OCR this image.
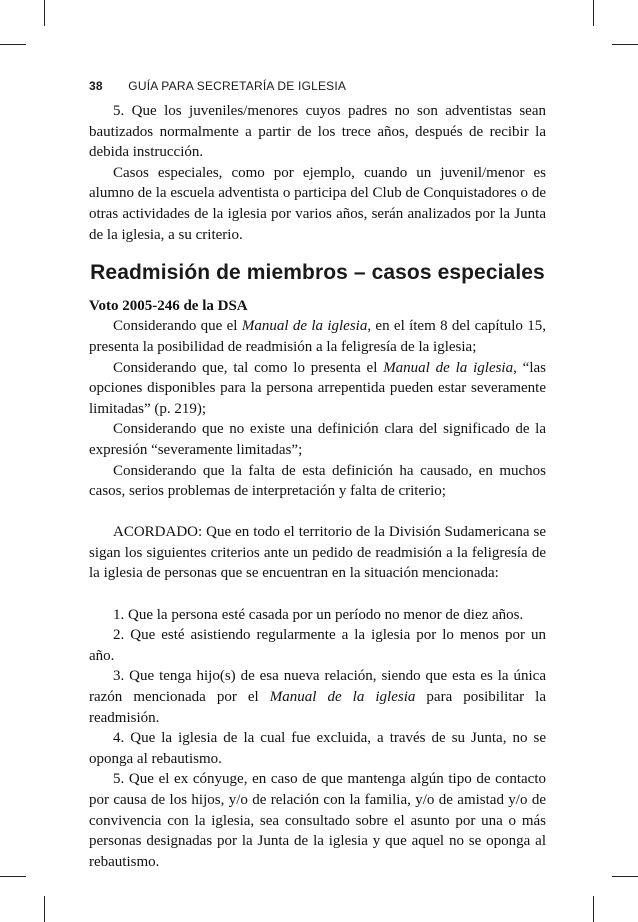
38 GUÍA PARA SECRETARÍA DE IGLESIA

5. Que los juveniles/menores cuyos padres no son adventistas sean bautizados normalmente a partir de los trece años, después de recibir la debida instrucción.

Casos especiales, como por ejemplo, cuando un juvenil/menor es alumno de la escuela adventista o participa del Club de Conquistadores o de otras actividades de la iglesia por varios años, serán analizados por la Junta de la iglesia, a su criterio.

Readmisión de miembros – casos especiales

Voto 2005-246 de la DSA

Considerando que el Manual de la iglesia, en el ítem 8 del capítulo 15, presenta la posibilidad de readmisión a la feligresía de la iglesia;

Considerando que, tal como lo presenta el Manual de la iglesia, “las opciones disponibles para la persona arrepentida pueden estar severamente limitadas” (p. 219);

Considerando que no existe una definición clara del significado de la expresión “severamente limitadas”;

Considerando que la falta de esta definición ha causado, en muchos casos, serios problemas de interpretación y falta de criterio;

ACORDADO: Que en todo el territorio de la División Sudamericana se sigan los siguientes criterios ante un pedido de readmisión a la feligresía de la iglesia de personas que se encuentran en la situación mencionada:

1. Que la persona esté casada por un período no menor de diez años.

2. Que esté asistiendo regularmente a la iglesia por lo menos por un año.

3. Que tenga hijo(s) de esa nueva relación, siendo que esta es la única razón mencionada por el Manual de la iglesia para posibilitar la readmisión.

4. Que la iglesia de la cual fue excluida, a través de su Junta, no se oponga al rebautismo.

5. Que el ex cónyuge, en caso de que mantenga algún tipo de contacto por causa de los hijos, y/o de relación con la familia, y/o de amistad y/o de convivencia con la iglesia, sea consultado sobre el asunto por una o más personas designadas por la Junta de la iglesia y que aquel no se oponga al rebautismo.
